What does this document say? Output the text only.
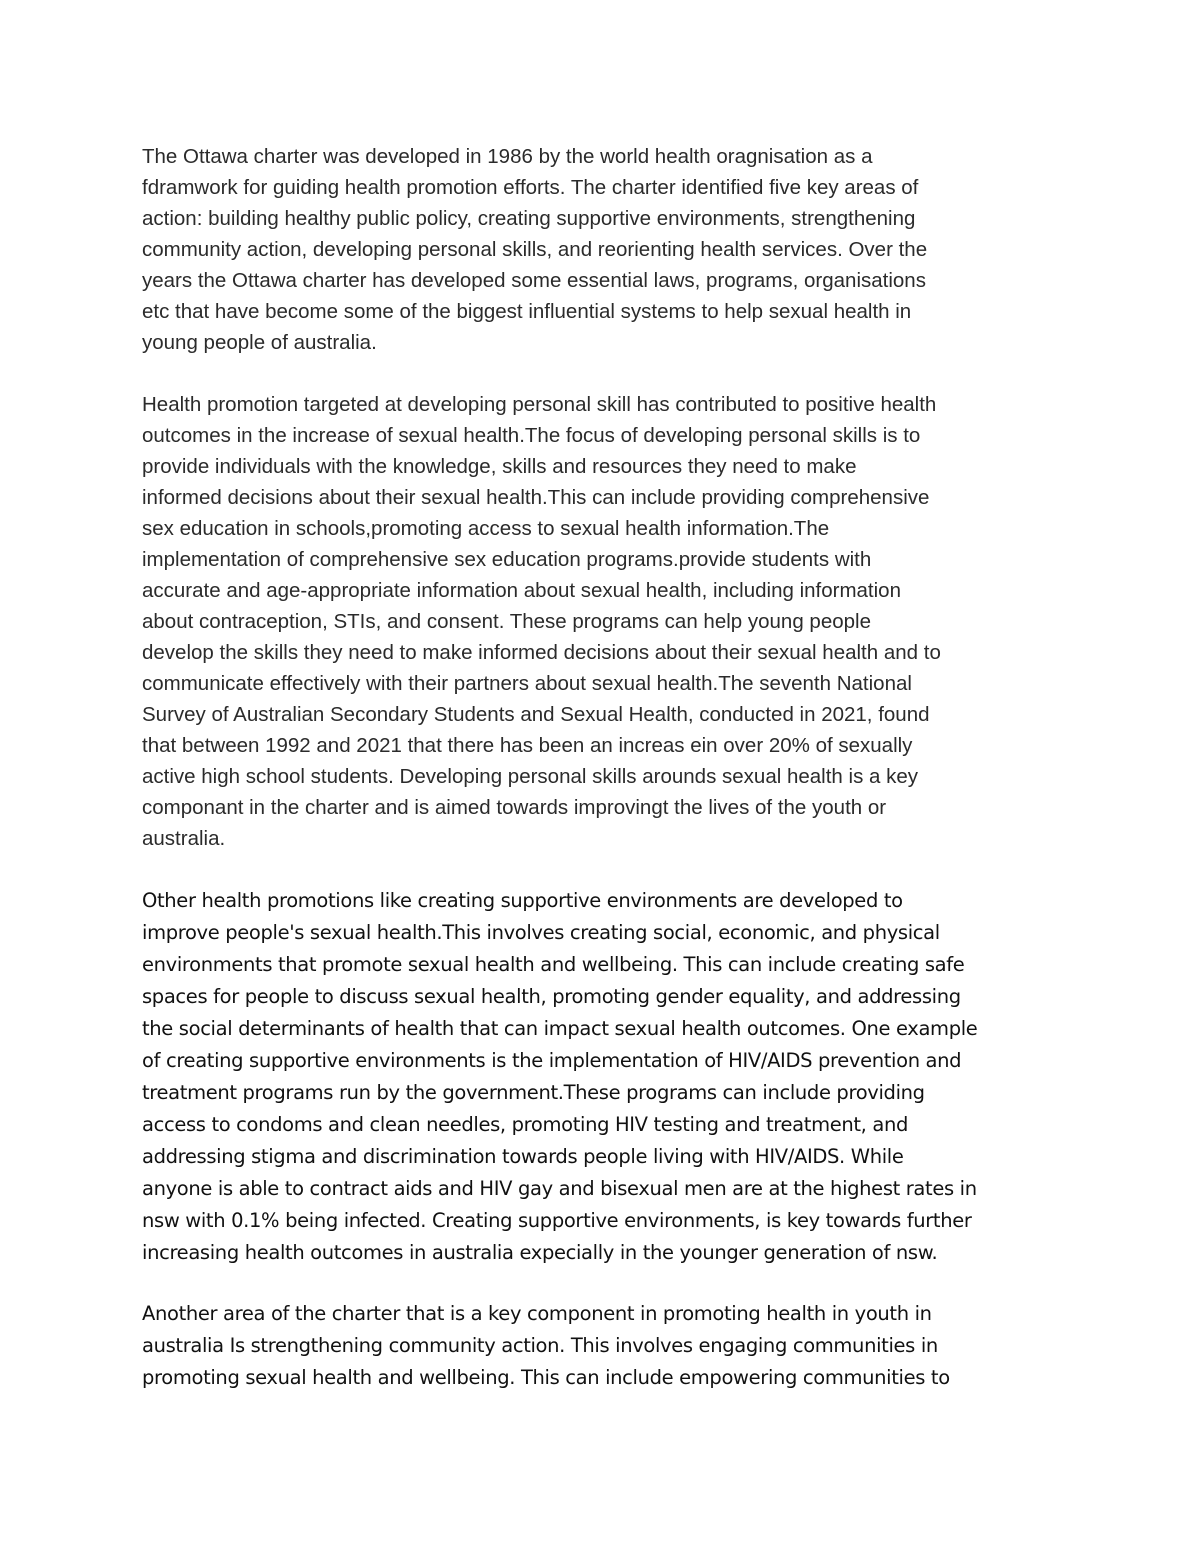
The Ottawa charter was developed in 1986 by the world health oragnisation as a
fdramwork for guiding health promotion efforts. The charter identified five key areas of
action: building healthy public policy, creating supportive environments, strengthening
community action, developing personal skills, and reorienting health services. Over the
years the Ottawa charter has developed some essential laws, programs, organisations
etc that have become some of the biggest influential systems to help sexual health in
young people of australia.
Health promotion targeted at developing personal skill has contributed to positive health
outcomes in the increase of sexual health.The focus of developing personal skills is to
provide individuals with the knowledge, skills and resources they need to make
informed decisions about their sexual health.This can include providing comprehensive
sex education in schools,promoting access to sexual health information.The
implementation of comprehensive sex education programs.provide students with
accurate and age-appropriate information about sexual health, including information
about contraception, STIs, and consent. These programs can help young people
develop the skills they need to make informed decisions about their sexual health and to
communicate effectively with their partners about sexual health.The seventh National
Survey of Australian Secondary Students and Sexual Health, conducted in 2021, found
that between 1992 and 2021 that there has been an increas ein over 20% of sexually
active high school students. Developing personal skills arounds sexual health is a key
componant in the charter and is aimed towards improvingt the lives of the youth or
australia.
Other health promotions like creating supportive environments are developed to
improve people's sexual health.This involves creating social, economic, and physical
environments that promote sexual health and wellbeing. This can include creating safe
spaces for people to discuss sexual health, promoting gender equality, and addressing
the social determinants of health that can impact sexual health outcomes. One example
of creating supportive environments is the implementation of HIV/AIDS prevention and
treatment programs run by the government.These programs can include providing
access to condoms and clean needles, promoting HIV testing and treatment, and
addressing stigma and discrimination towards people living with HIV/AIDS. While
anyone is able to contract aids and HIV gay and bisexual men are at the highest rates in
nsw with 0.1% being infected. Creating supportive environments, is key towards further
increasing health outcomes in australia expecially in the younger generation of nsw.
Another area of the charter that is a key component in promoting health in youth in
australia Is strengthening community action. This involves engaging communities in
promoting sexual health and wellbeing. This can include empowering communities to
